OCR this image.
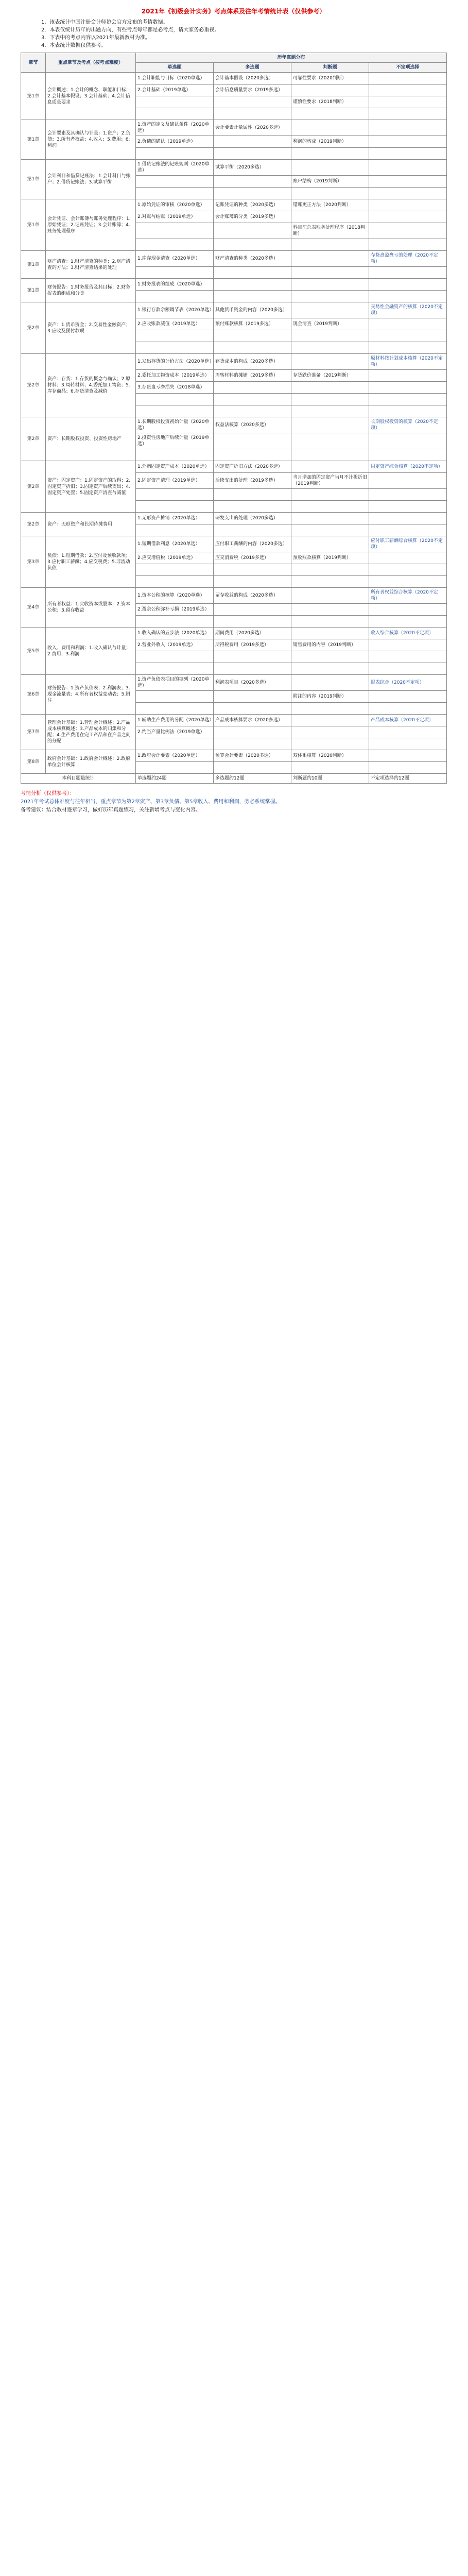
2021年《初级会计实务》考点体系及往年考情统计表（仅供参考）
1．该表统计中国注册会计师协会官方发布的考情数据。
2．本表仅统计历年的出题方向，有些考点每年都是必考点，请大家务必重视。
3．下表中的考点内容以2021年最新教材为准。
4．本表统计数据仅供参考。
章节	重点章节及考点（按考点难度）	历年真题分布			
		单选题	多选题	判断题	不定项选择
第1章	会计概述：1.会计的概念、职能和目标；2.会计基本假设；3.会计基础；4.会计信息质量要求	1.会计职能与目标（2020单选）	会计基本假设（2020多选）	可靠性要求（2020判断）	
		2.会计基础（2019单选）	会计信息质量要求（2019多选）		
				谨慎性要求（2018判断）	

第1章	会计要素及其确认与计量：1.资产；2.负债；3.所有者权益；4.收入；5.费用；6.利润	1.资产的定义及确认条件（2020单选）	会计要素计量属性（2020多选）		
		2.负债的确认（2019单选）		利润的构成（2019判断）	

第1章	会计科目和借贷记账法：1.会计科目与账户；2.借贷记账法；3.试算平衡	1.借贷记账法的记账规则（2020单选）	试算平衡（2020多选）		
				账户结构（2019判断）	

第1章	会计凭证、会计账簿与账务处理程序：1.原始凭证；2.记账凭证；3.会计账簿；4.账务处理程序	1.原始凭证的审核（2020单选）	记账凭证的种类（2020多选）	错账更正方法（2020判断）	
		2.对账与结账（2019单选）	会计账簿的分类（2019多选）		
				科目汇总表账务处理程序（2018判断）	

第1章	财产清查：1.财产清查的种类；2.财产清查的方法；3.财产清查结果的处理	1.库存现金清查（2020单选）	财产清查的种类（2020多选）		存货盘盈盘亏的处理（2020不定项）

第1章	财务报告：1.财务报告及其目标；2.财务报表的组成和分类	1.财务报表的组成（2020单选）			

第2章	资产：1.货币资金；2.交易性金融资产；3.应收及预付款项	1.银行存款余额调节表（2020单选）	其他货币资金的内容（2020多选）		交易性金融资产的核算（2020不定项）
		2.应收账款减值（2019单选）	预付账款核算（2019多选）	现金清查（2019判断）	

第2章	资产：存货：1.存货的概念与确认；2.原材料；3.周转材料；4.委托加工物资；5.库存商品；6.存货清查及减值	1.发出存货的计价方法（2020单选）	存货成本的构成（2020多选）		原材料按计划成本核算（2020不定项）
		2.委托加工物资成本（2019单选）	周转材料的摊销（2019多选）	存货跌价准备（2019判断）	
		3.存货盘亏净损失（2018单选）			

第2章	资产：长期股权投资、投资性房地产	1.长期股权投资初始计量（2020单选）	权益法核算（2020多选）		长期股权投资的核算（2020不定项）
		2.投资性房地产后续计量（2019单选）			

第2章	资产：固定资产：1.固定资产的取得；2.固定资产折旧；3.固定资产后续支出；4.固定资产处置；5.固定资产清查与减值	1.外购固定资产成本（2020单选）	固定资产折旧方法（2020多选）		固定资产综合核算（2020不定项）
		2.固定资产清理（2019单选）	后续支出的处理（2019多选）	当月增加的固定资产当月不计提折旧（2019判断）	

第2章	资产：无形资产和长期待摊费用	1.无形资产摊销（2020单选）	研发支出的处理（2020多选）		

第3章	负债：1.短期借款；2.应付及预收款项；3.应付职工薪酬；4.应交税费；5.非流动负债	1.短期借款利息（2020单选）	应付职工薪酬的内容（2020多选）		应付职工薪酬综合核算（2020不定项）
		2.应交增值税（2019单选）	应交消费税（2019多选）	预收账款核算（2019判断）	

第4章	所有者权益：1.实收资本或股本；2.资本公积；3.留存收益	1.资本公积的核算（2020单选）	留存收益的构成（2020多选）		所有者权益综合核算（2020不定项）
		2.盈余公积弥补亏损（2019单选）			

第5章	收入、费用和利润：1.收入确认与计量；2.费用；3.利润	1.收入确认的五步法（2020单选）	期间费用（2020多选）		收入综合核算（2020不定项）
		2.营业外收入（2019单选）	所得税费用（2019多选）	销售费用的内容（2019判断）	

第6章	财务报告：1.资产负债表；2.利润表；3.现金流量表；4.所有者权益变动表；5.附注	1.资产负债表项目的填列（2020单选）	利润表项目（2020多选）		报表综合（2020不定项）
				附注的内容（2019判断）	

第7章	管理会计基础：1.管理会计概述；2.产品成本核算概述；3.产品成本的归集和分配；4.生产费用在完工产品和在产品之间的分配	1.辅助生产费用的分配（2020单选）	产品成本核算要求（2020多选）		产品成本核算（2020不定项）
		2.约当产量比例法（2019单选）			

第8章	政府会计基础：1.政府会计概述；2.政府单位会计核算	1.政府会计要素（2020单选）	预算会计要素（2020多选）	双体系核算（2020判断）	

本科目题量统计		单选题约24题	多选题约12题	判断题约10题	不定项选择约12题
考情分析（仅供参考）：
2021年考试总体难度与往年相当，重点章节为第2章资产、第3章负债、第5章收入、费用和利润，务必系统掌握。
备考建议：结合教材逐章学习，做好历年真题练习，关注新增考点与变化内容。
